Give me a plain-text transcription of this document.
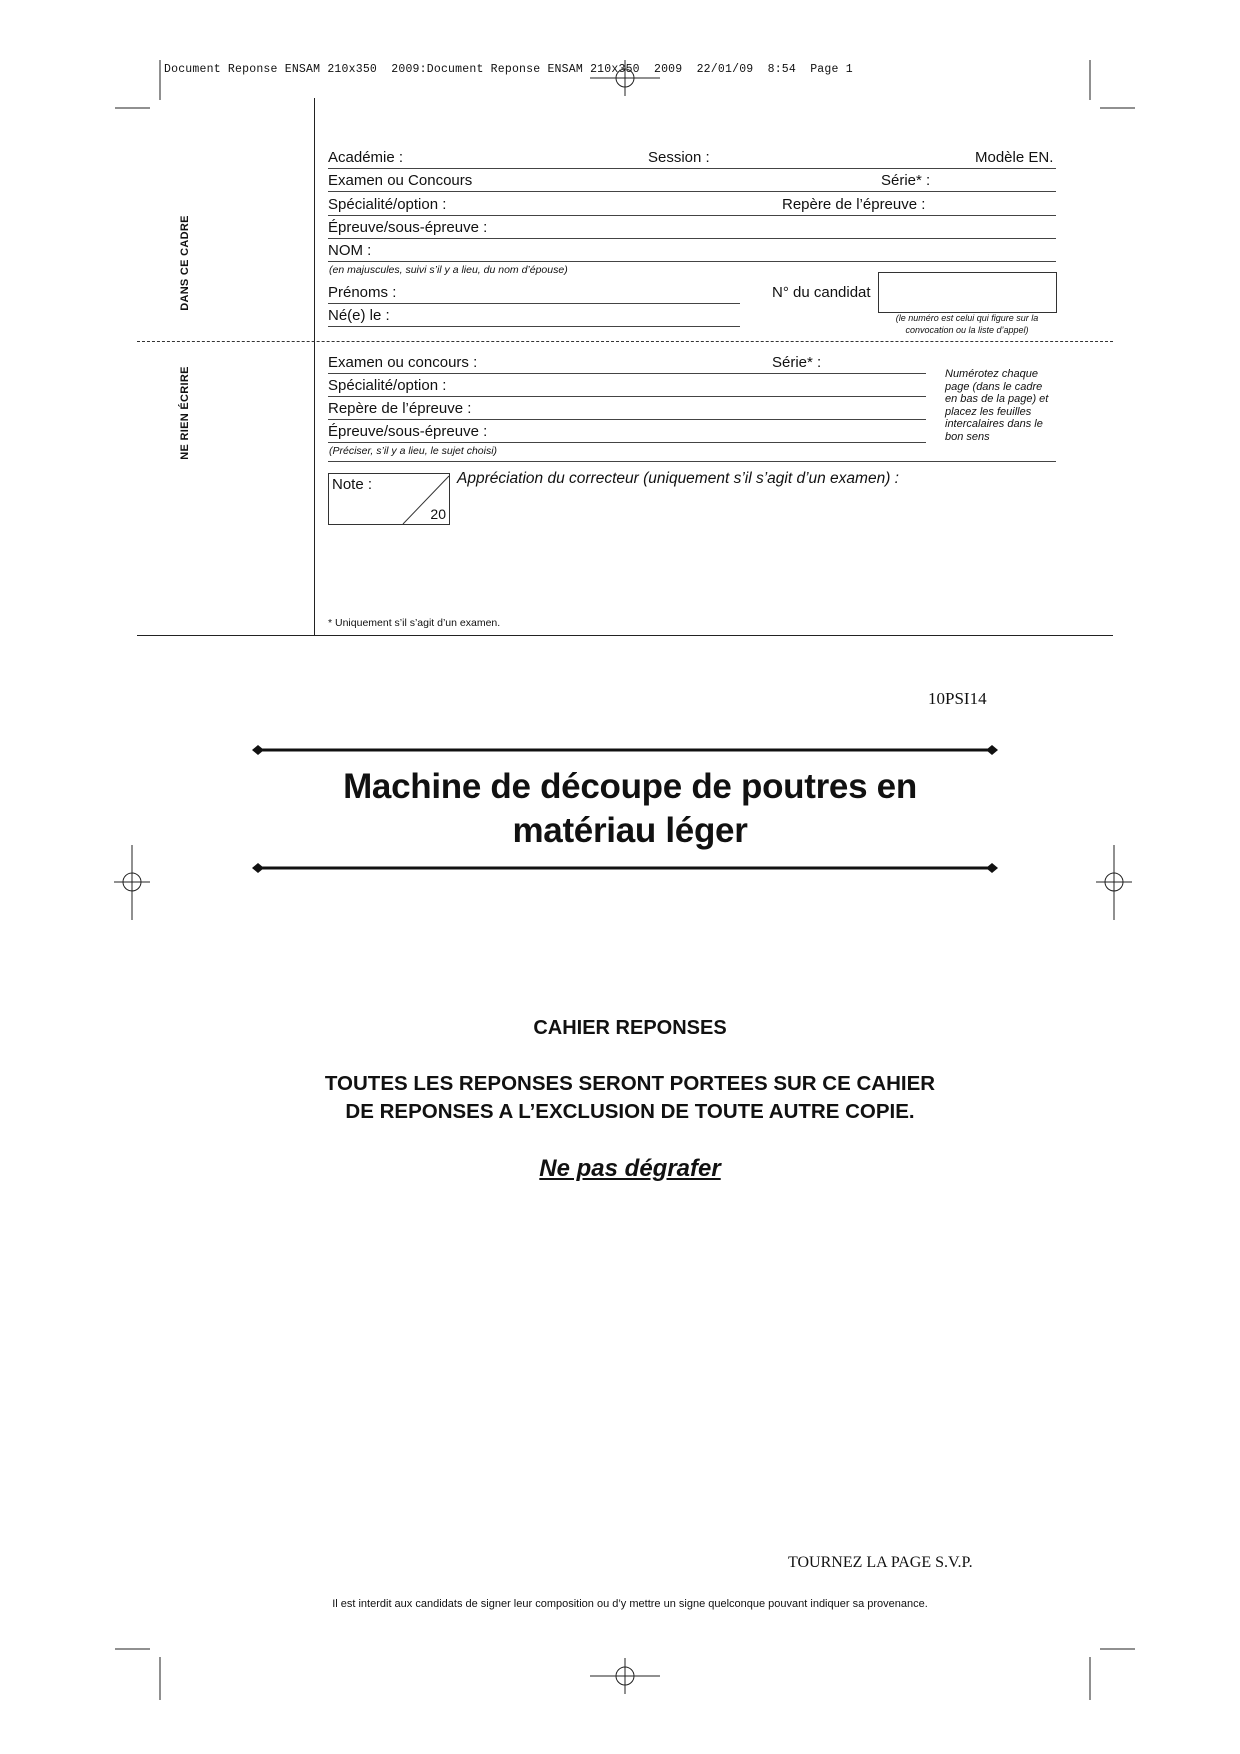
Document Reponse ENSAM 210x350  2009:Document Reponse ENSAM 210x350  2009  22/01/09  8:54  Page 1
DANS CE CADRE
NE RIEN ÉCRIRE
Académie :	Session :	Modèle EN.
Examen ou Concours	Série* :
Spécialité/option :	Repère de l’épreuve :
Épreuve/sous-épreuve :
NOM :
(en majuscules, suivi s’il y a lieu, du nom d’épouse)
Prénoms :	N° du candidat
Né(e) le :	(le numéro est celui qui figure sur la
convocation ou la liste d’appel)
Examen ou concours :	Série* :
Spécialité/option :
Repère de l’épreuve :
Épreuve/sous-épreuve :
(Préciser, s’il y a lieu, le sujet choisi)
Numérotez chaque
page (dans le cadre
en bas de la page) et
placez les feuilles
intercalaires dans le
bon sens
Note :
20
Appréciation du correcteur (uniquement s’il s’agit d’un examen) :
* Uniquement s’il s’agit d’un examen.
10PSI14
Machine de découpe de poutres en
matériau léger
CAHIER REPONSES
TOUTES LES REPONSES SERONT PORTEES SUR CE CAHIER
DE REPONSES A L’EXCLUSION DE TOUTE AUTRE COPIE.
Ne pas dégrafer
TOURNEZ LA PAGE S.V.P.
Il est interdit aux candidats de signer leur composition ou d’y mettre un signe quelconque pouvant indiquer sa provenance.
